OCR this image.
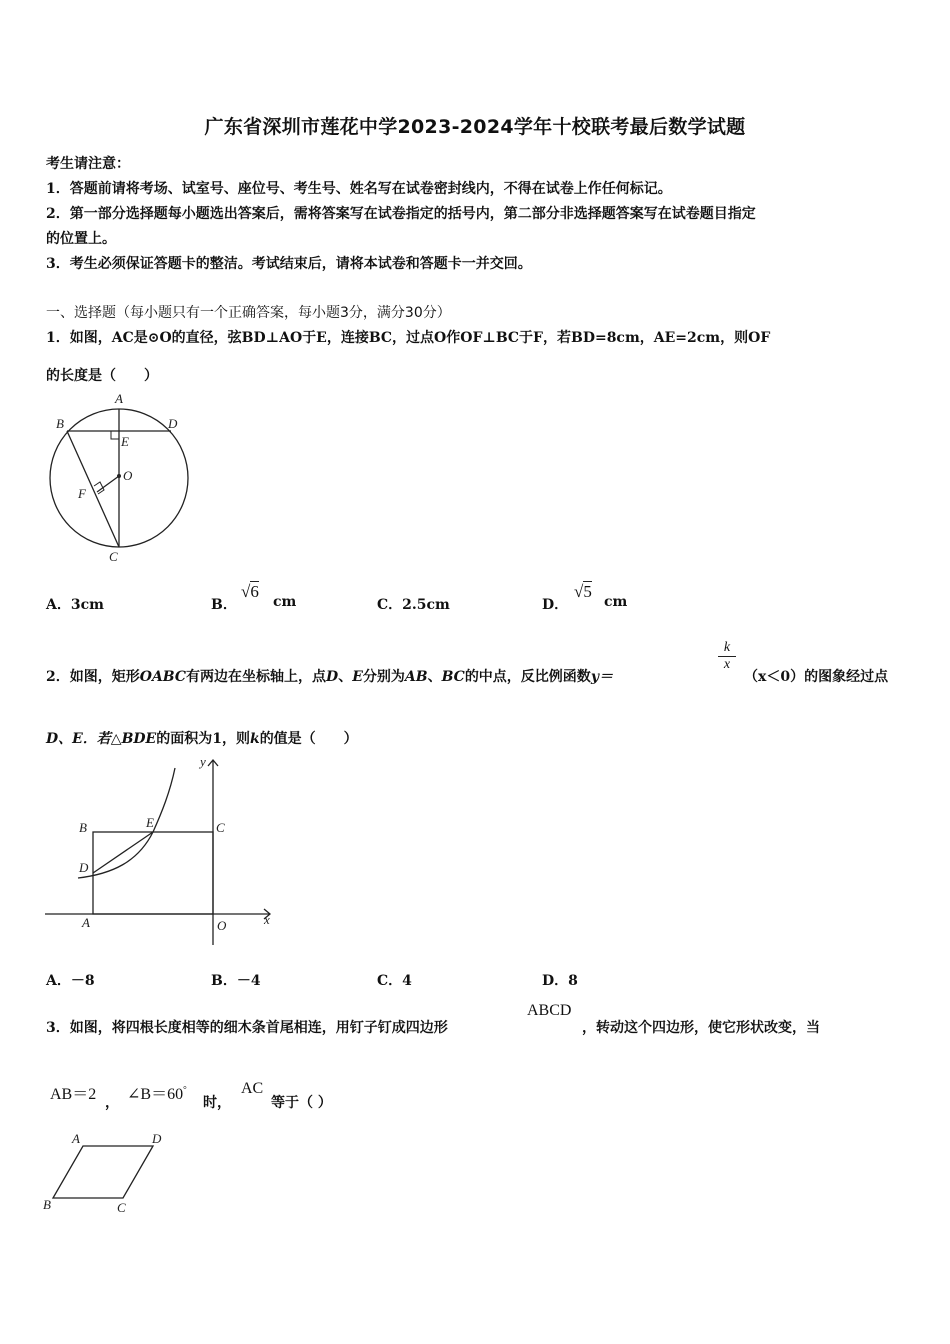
广东省深圳市莲花中学2023-2024学年十校联考最后数学试题
考生请注意：
1．答题前请将考场、试室号、座位号、考生号、姓名写在试卷密封线内，不得在试卷上作任何标记。
2．第一部分选择题每小题选出答案后，需将答案写在试卷指定的括号内，第二部分非选择题答案写在试卷题目指定
的位置上。
3．考生必须保证答题卡的整洁。考试结束后，请将本试卷和答题卡一并交回。
一、选择题（每小题只有一个正确答案，每小题3分，满分30分）
1．如图，AC是⊙O的直径，弦BD⊥AO于E，连接BC，过点O作OF⊥BC于F，若BD=8cm，AE=2cm，则OF
的长度是（　　）
A
B	D
E
O
F
C
A．3cm	B．
√6
cm	C．2.5cm	D．
√5
cm
2．如图，矩形OABC有两边在坐标轴上，点D、E分别为AB、BC的中点，反比例函数y＝
$\frac{k}{x}$
（x＜0）的图象经过点
D、E．若△BDE的面积为1，则k的值是（　　）
y
x
B	E	C
D
A	O
A．－8	B．－4	C．4	D．8
3．如图，将四根长度相等的细木条首尾相连，用钉子钉成四边形
ABCD
，转动这个四边形，使它形状改变，当
AB＝2 ， ∠B＝60°
时，
AC
等于（ ）
A	D
B	C
